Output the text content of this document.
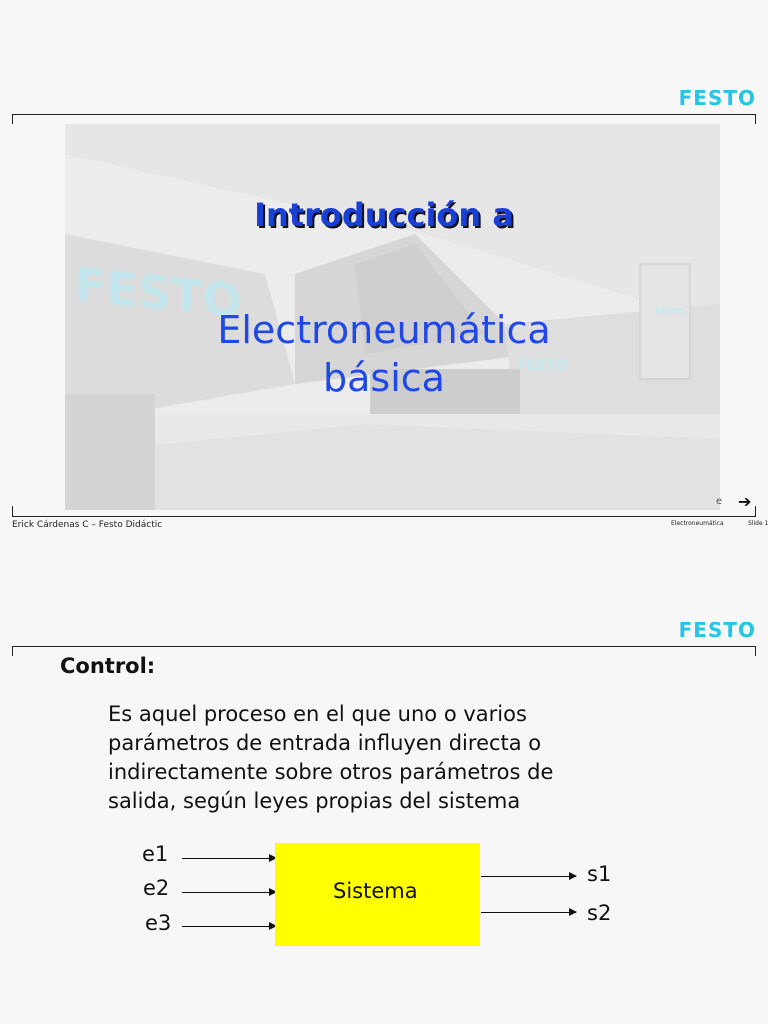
FESTO
FESTO
FESTO
FESTO
Introducción a
Electroneumática básica
e ➔
Erick Cárdenas C – Festo Didáctic	Electroneumática	Slide 1
FESTO
Control:
Es aquel proceso en el que uno o varios parámetros de entrada influyen directa o indirectamente sobre otros parámetros de salida, según leyes propias del sistema
e1
e2
e3
Sistema
s1
s2
